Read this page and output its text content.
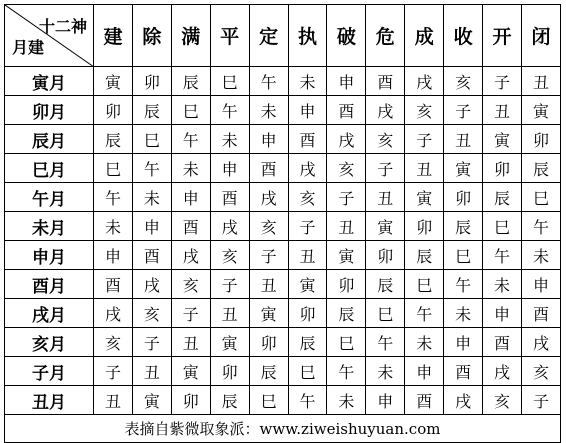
十二神
月建	建	除	满	平	定	执	破	危	成	收	开	闭
寅月	寅	卯	辰	巳	午	未	申	酉	戌	亥	子	丑
卯月	卯	辰	巳	午	未	申	酉	戌	亥	子	丑	寅
辰月	辰	巳	午	未	申	酉	戌	亥	子	丑	寅	卯
巳月	巳	午	未	申	酉	戌	亥	子	丑	寅	卯	辰
午月	午	未	申	酉	戌	亥	子	丑	寅	卯	辰	巳
未月	未	申	酉	戌	亥	子	丑	寅	卯	辰	巳	午
申月	申	酉	戌	亥	子	丑	寅	卯	辰	巳	午	未
酉月	酉	戌	亥	子	丑	寅	卯	辰	巳	午	未	申
戌月	戌	亥	子	丑	寅	卯	辰	巳	午	未	申	酉
亥月	亥	子	丑	寅	卯	辰	巳	午	未	申	酉	戌
子月	子	丑	寅	卯	辰	巳	午	未	申	酉	戌	亥
丑月	丑	寅	卯	辰	巳	午	未	申	酉	戌	亥	子
表摘自紫微取象派：www.ziweishuyuan.com												
